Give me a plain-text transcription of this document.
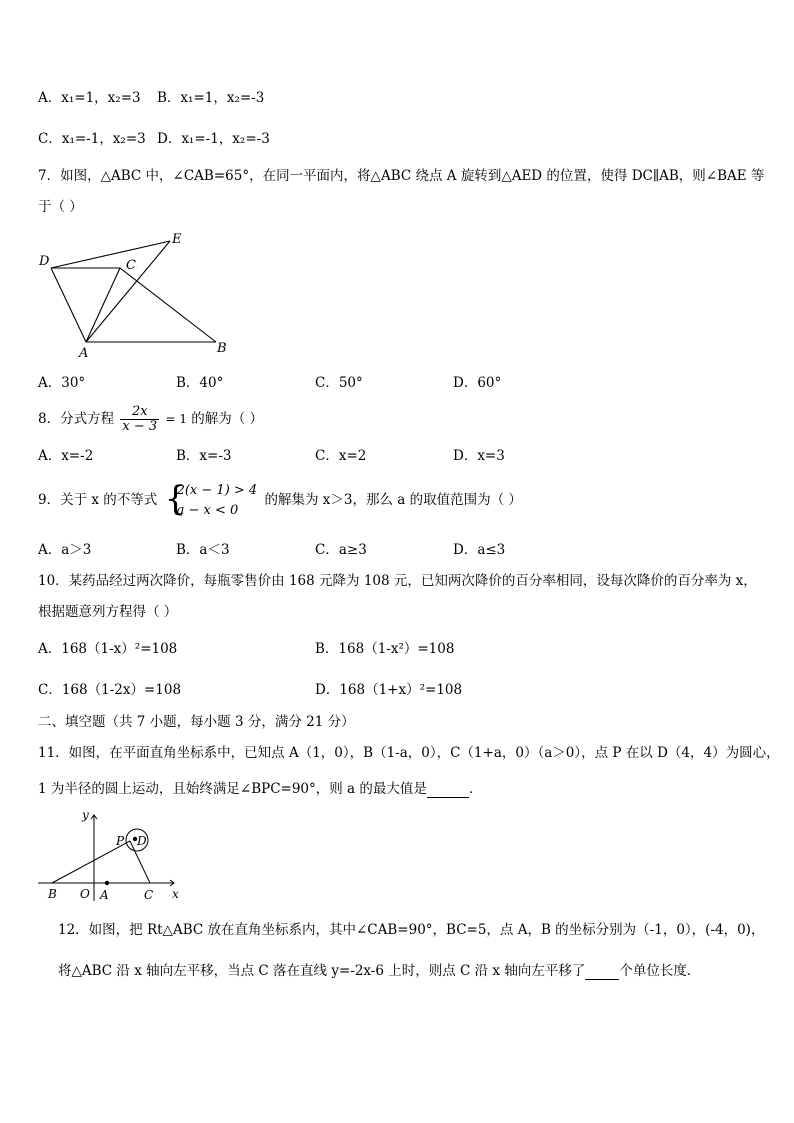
A．x₁=1，x₂=3 B．x₁=1，x₂=-3
C．x₁=-1，x₂=3 D．x₁=-1，x₂=-3
7．如图，△ABC 中，∠CAB=65°，在同一平面内，将△ABC 绕点 A 旋转到△AED 的位置，使得 DC∥AB，则∠BAE 等
于（ ）
D	C
E
A	B
A．30°	B．40°	C．50°	D．60°
8．分式方程 $\frac{2x}{x - 3} = 1$ 的解为（ ）
A．x=-2	B．x=-3	C．x=2	D．x=3
9．关于 x 的不等式 {
2(x − 1) > 4
a − x < 0
的解集为 x＞3，那么 a 的取值范围为（ ）
A．a＞3	B．a＜3	C．a≥3	D．a≤3
10．某药品经过两次降价，每瓶零售价由 168 元降为 108 元，已知两次降价的百分率相同，设每次降价的百分率为 x，
根据题意列方程得（ ）
A．168（1-x）²=108	B．168（1-x²）=108
C．168（1-2x）=108	D．168（1+x）²=108
二、填空题（共 7 小题，每小题 3 分，满分 21 分）
11．如图，在平面直角坐标系中，已知点 A（1，0），B（1-a，0），C（1+a，0）（a＞0），点 P 在以 D（4，4）为圆心，
1 为半径的圆上运动，且始终满足∠BPC=90°，则 a 的最大值是	．
y
x
O A
B	C
P D
12．如图，把 Rt△ABC 放在直角坐标系内，其中∠CAB=90°，BC=5，点 A，B 的坐标分别为（-1，0），(-4，0)，
将△ABC 沿 x 轴向左平移，当点 C 落在直线 y=-2x-6 上时，则点 C 沿 x 轴向左平移了	个单位长度．
